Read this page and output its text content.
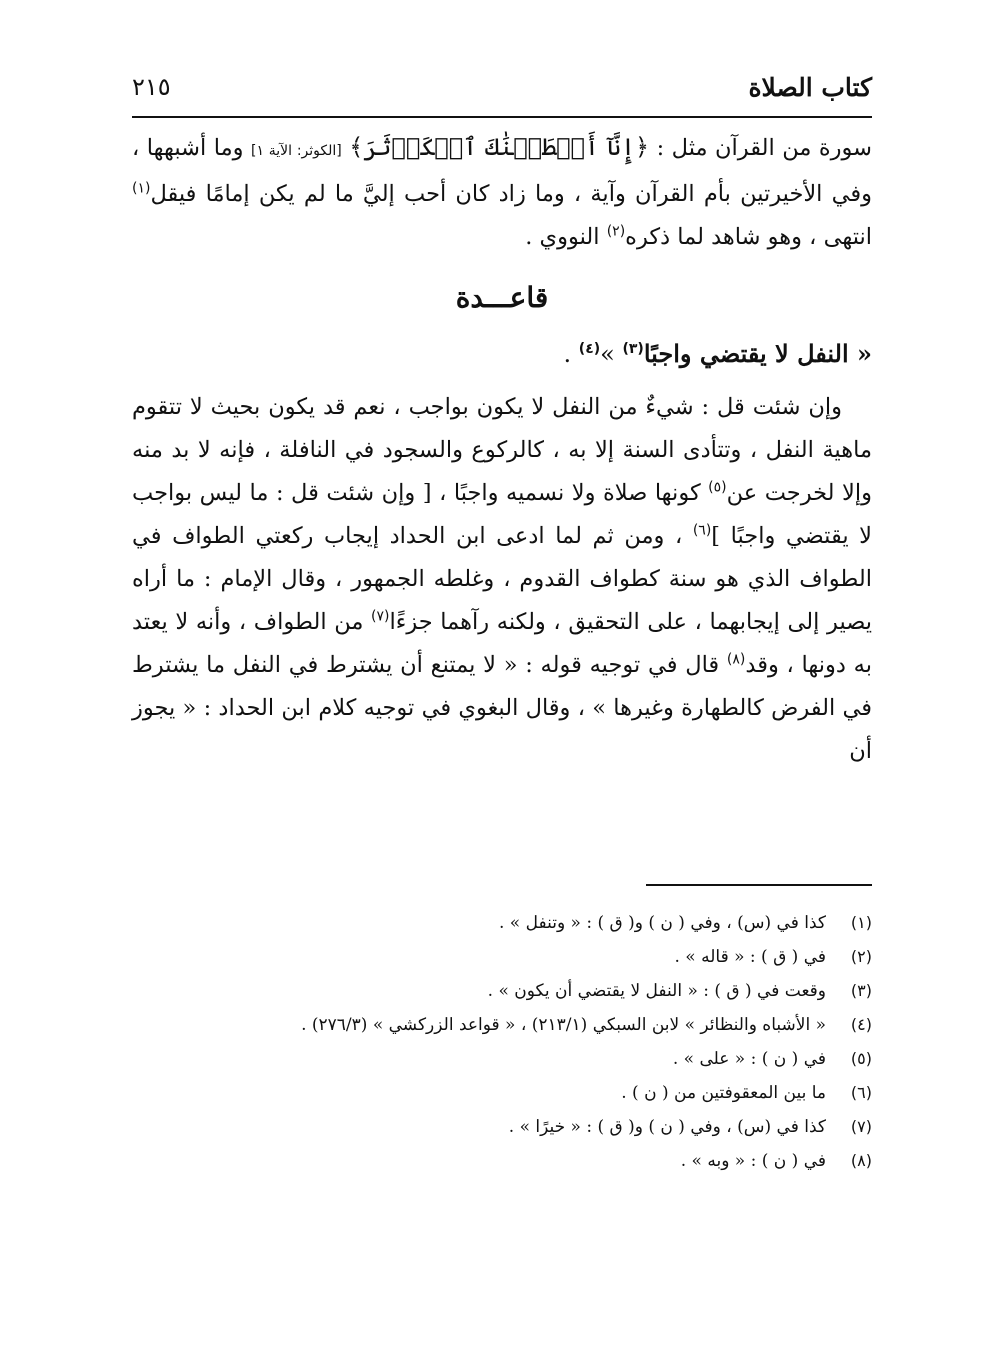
كتاب الصلاة
٢١٥

سورة من القرآن مثل : ﴿إِنَّآ أَعۡطَيۡنَٰكَ ٱلۡكَوۡثَرَ﴾ [الكوثر: الآية ١] وما أشبهها ، وفي الأخيرتين بأم القرآن وآية ، وما زاد كان أحب إليَّ ما لم يكن إمامًا فيقل$^{(١)}$ انتهى ، وهو شاهد لما ذكره$^{(٢)}$ النووي .

قاعـــدة

« النفل لا يقتضي واجبًا$^{(٣)}$ »$^{(٤)}$ .

وإن شئت قل : شيءٌ من النفل لا يكون بواجب ، نعم قد يكون بحيث لا تتقوم ماهية النفل ، وتتأدى السنة إلا به ، كالركوع والسجود في النافلة ، فإنه لا بد منه وإلا لخرجت عن$^{(٥)}$ كونها صلاة ولا نسميه واجبًا ، [ وإن شئت قل : ما ليس بواجب لا يقتضي واجبًا ]$^{(٦)}$ ، ومن ثم لما ادعى ابن الحداد إيجاب ركعتي الطواف في الطواف الذي هو سنة كطواف القدوم ، وغلطه الجمهور ، وقال الإمام : ما أراه يصير إلى إيجابهما ، على التحقيق ، ولكنه رآهما جزءًا$^{(٧)}$ من الطواف ، وأنه لا يعتد به دونها ، وقد$^{(٨)}$ قال في توجيه قوله : « لا يمتنع أن يشترط في النفل ما يشترط في الفرض كالطهارة وغيرها » ، وقال البغوي في توجيه كلام ابن الحداد : « يجوز أن

(١)كذا في (س) ، وفي ( ن ) و( ق ) : « وتنفل » .
(٢)في ( ق ) : « قاله » .
(٣)وقعت في ( ق ) : « النفل لا يقتضي أن يكون » .
(٤)« الأشباه والنظائر » لابن السبكي (٢١٣/١) ، « قواعد الزركشي » (٢٧٦/٣) .
(٥)في ( ن ) : « على » .
(٦)ما بين المعقوفتين من ( ن ) .
(٧)كذا في (س) ، وفي ( ن ) و( ق ) : « خيرًا » .
(٨)في ( ن ) : « وبه » .
